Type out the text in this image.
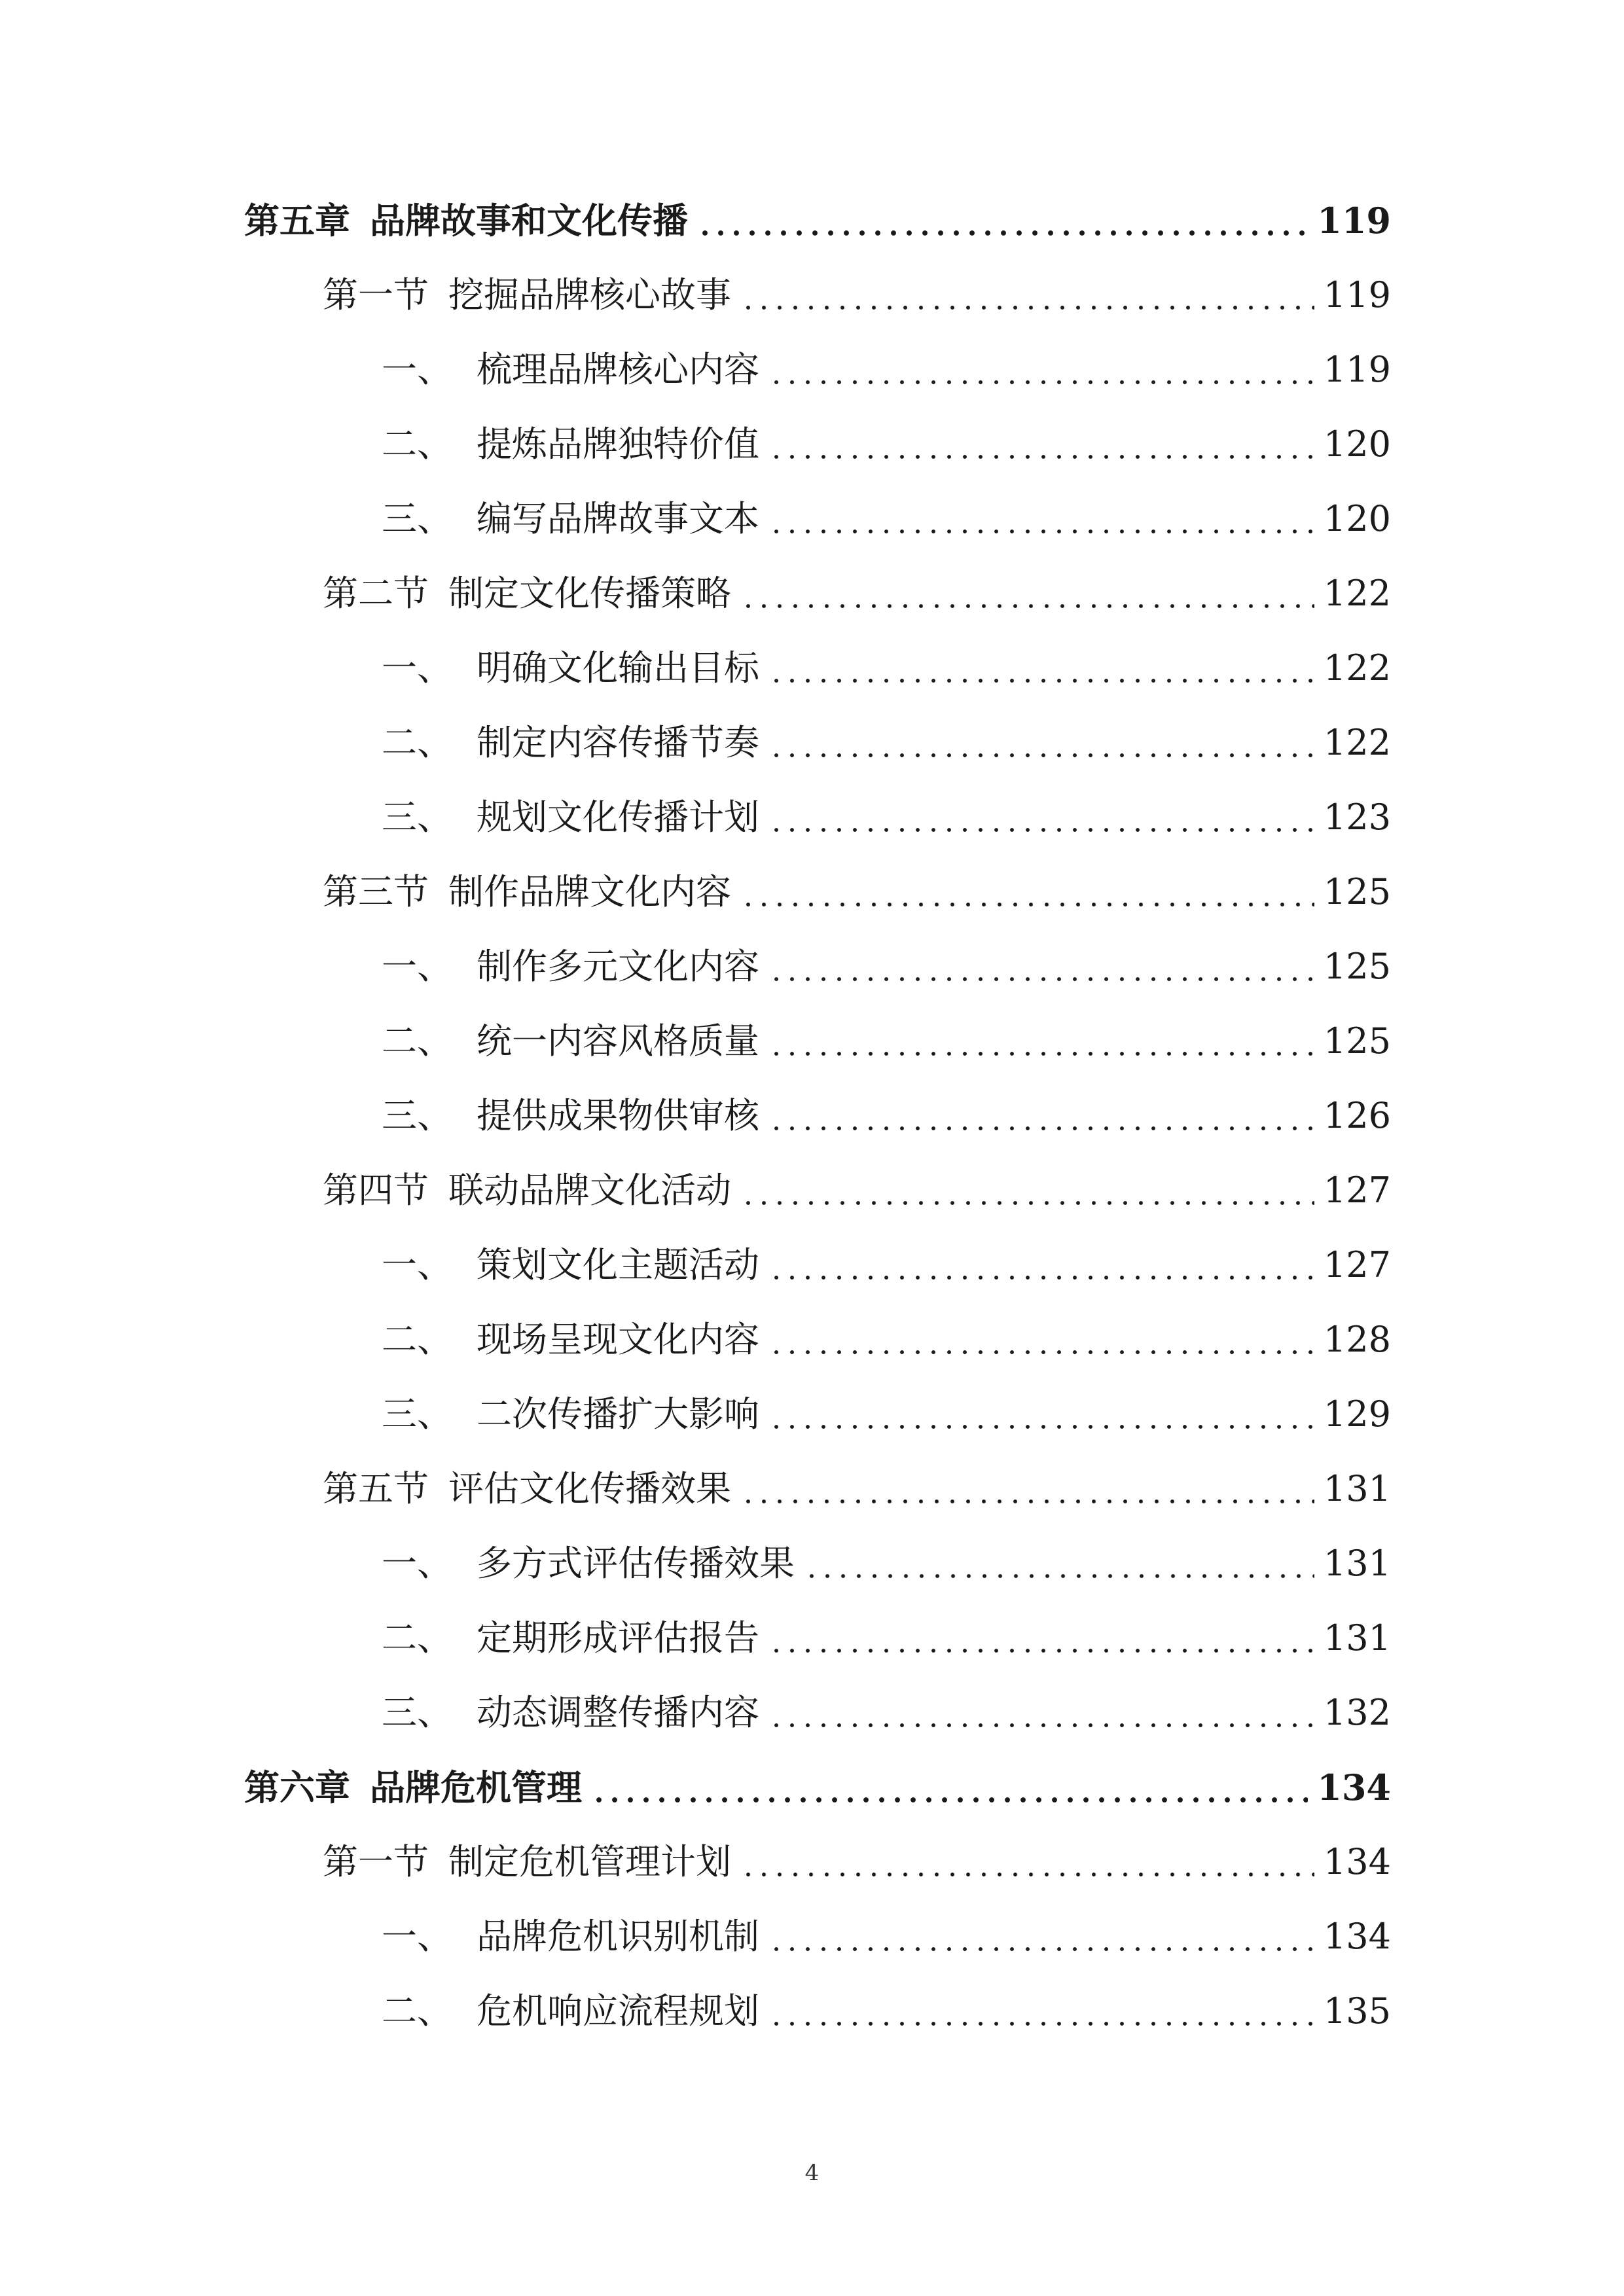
第五章 品牌故事和文化传播	119
第一节 挖掘品牌核心故事	119
一、 梳理品牌核心内容	119
二、 提炼品牌独特价值	120
三、 编写品牌故事文本	120
第二节 制定文化传播策略	122
一、 明确文化输出目标	122
二、 制定内容传播节奏	122
三、 规划文化传播计划	123
第三节 制作品牌文化内容	125
一、 制作多元文化内容	125
二、 统一内容风格质量	125
三、 提供成果物供审核	126
第四节 联动品牌文化活动	127
一、 策划文化主题活动	127
二、 现场呈现文化内容	128
三、 二次传播扩大影响	129
第五节 评估文化传播效果	131
一、 多方式评估传播效果	131
二、 定期形成评估报告	131
三、 动态调整传播内容	132
第六章 品牌危机管理	134
第一节 制定危机管理计划	134
一、 品牌危机识别机制	134
二、 危机响应流程规划	135
4
